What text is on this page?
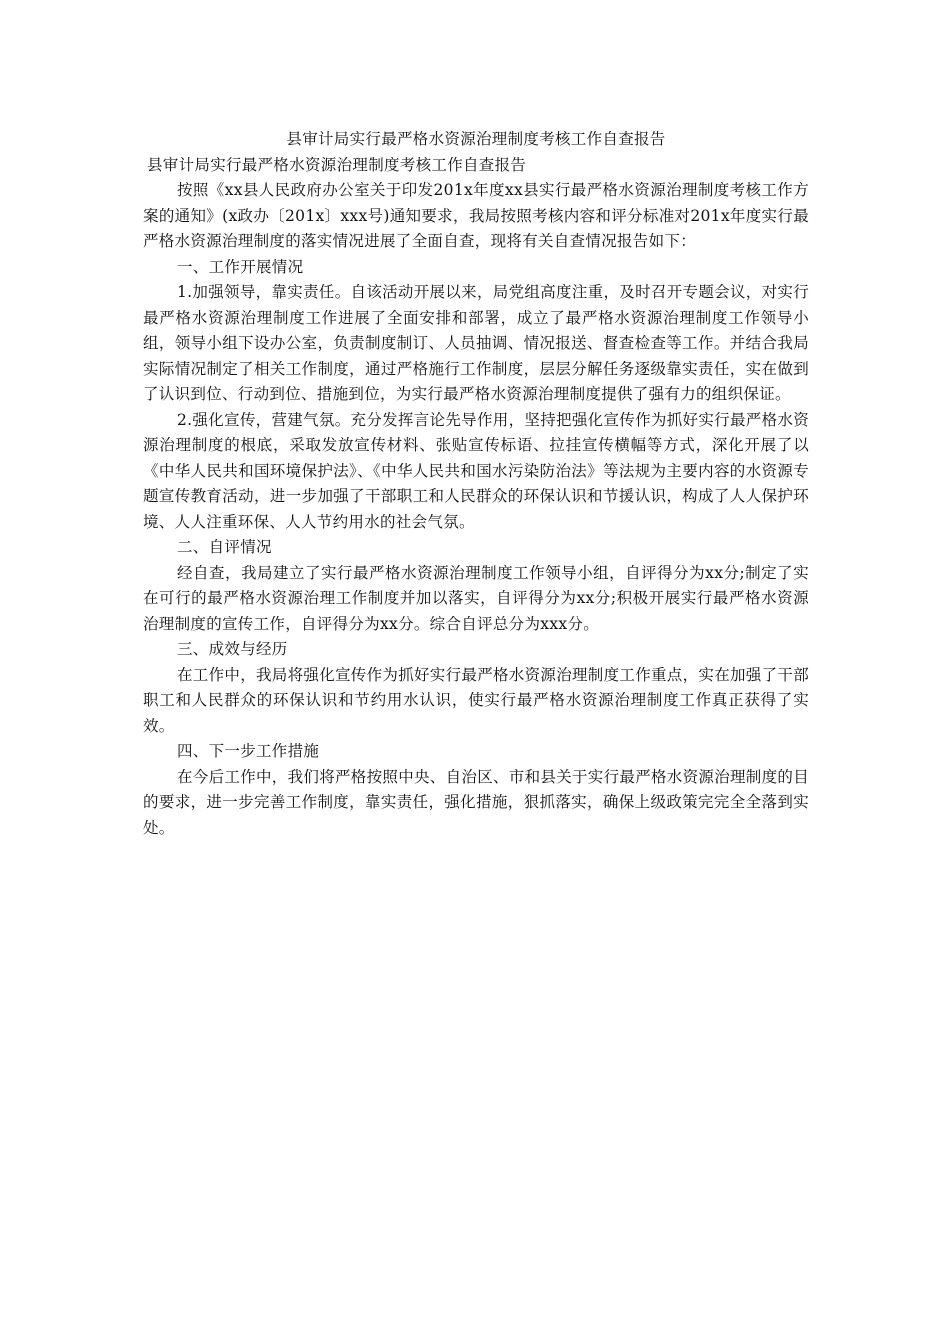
县审计局实行最严格水资源治理制度考核工作自查报告

县审计局实行最严格水资源治理制度考核工作自查报告

按照《xx县人民政府办公室关于印发201x年度xx县实行最严格水资源治理制度考核工作方案的通知》(x政办〔201x〕xxx号)通知要求，我局按照考核内容和评分标准对201x年度实行最严格水资源治理制度的落实情况进展了全面自查，现将有关自查情况报告如下：

一、工作开展情况

1.加强领导，靠实责任。自该活动开展以来，局党组高度注重，及时召开专题会议，对实行最严格水资源治理制度工作进展了全面安排和部署，成立了最严格水资源治理制度工作领导小组，领导小组下设办公室，负责制度制订、人员抽调、情况报送、督查检查等工作。并结合我局实际情况制定了相关工作制度，通过严格施行工作制度，层层分解任务逐级靠实责任，实在做到了认识到位、行动到位、措施到位，为实行最严格水资源治理制度提供了强有力的组织保证。

2.强化宣传，营建气氛。充分发挥言论先导作用，坚持把强化宣传作为抓好实行最严格水资源治理制度的根底，采取发放宣传材料、张贴宣传标语、拉挂宣传横幅等方式，深化开展了以《中华人民共和国环境保护法》、《中华人民共和国水污染防治法》等法规为主要内容的水资源专题宣传教育活动，进一步加强了干部职工和人民群众的环保认识和节援认识，构成了人人保护环境、人人注重环保、人人节约用水的社会气氛。

二、自评情况

经自查，我局建立了实行最严格水资源治理制度工作领导小组，自评得分为xx分;制定了实在可行的最严格水资源治理工作制度并加以落实，自评得分为xx分;积极开展实行最严格水资源治理制度的宣传工作，自评得分为xx分。综合自评总分为xxx分。

三、成效与经历

在工作中，我局将强化宣传作为抓好实行最严格水资源治理制度工作重点，实在加强了干部职工和人民群众的环保认识和节约用水认识，使实行最严格水资源治理制度工作真正获得了实效。

四、下一步工作措施

在今后工作中，我们将严格按照中央、自治区、市和县关于实行最严格水资源治理制度的目的要求，进一步完善工作制度，靠实责任，强化措施，狠抓落实，确保上级政策完完全全落到实处。
